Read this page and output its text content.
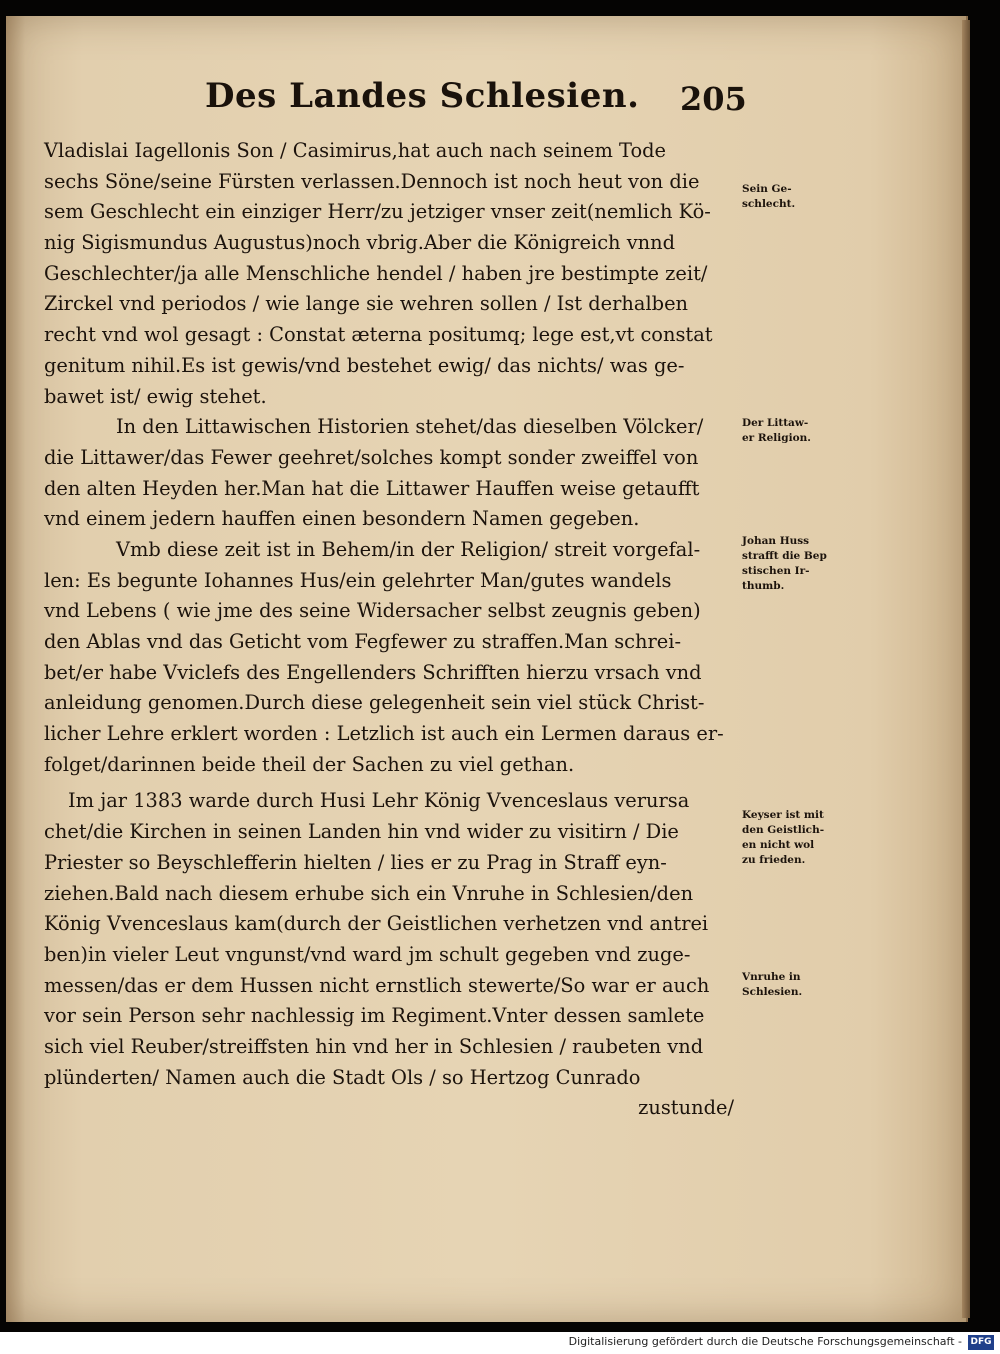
Des Landes Schlesien. 205
Vladislai Iagellonis Son / Casimirus,hat auch nach seinem Tode
sechs Söne/seine Fürsten verlassen.Dennoch ist noch heut von die
sem Geschlecht ein einziger Herr/zu jetziger vnser zeit(nemlich Kö-
nig Sigismundus Augustus)noch vbrig.Aber die Königreich vnnd
Geschlechter/ja alle Menschliche hendel / haben jre bestimpte zeit/
Zirckel vnd periodos / wie lange sie wehren sollen / Ist derhalben
recht vnd wol gesagt : Constat æterna positumq; lege est,vt constat
genitum nihil.Es ist gewis/vnd bestehet ewig/ das nichts/ was ge-
bawet ist/ ewig stehet.
In den Littawischen Historien stehet/das dieselben Völcker/
die Littawer/das Fewer geehret/solches kompt sonder zweiffel von
den alten Heyden her.Man hat die Littawer Hauffen weise getaufft
vnd einem jedern hauffen einen besondern Namen gegeben.
Vmb diese zeit ist in Behem/in der Religion/ streit vorgefal-
len: Es begunte Iohannes Hus/ein gelehrter Man/gutes wandels
vnd Lebens ( wie jme des seine Widersacher selbst zeugnis geben)
den Ablas vnd das Geticht vom Fegfewer zu straffen.Man schrei-
bet/er habe Vviclefs des Engellenders Schrifften hierzu vrsach vnd
anleidung genomen.Durch diese gelegenheit sein viel stück Christ-
licher Lehre erklert worden : Letzlich ist auch ein Lermen daraus er-
folget/darinnen beide theil der Sachen zu viel gethan.
Im jar 1383 warde durch Husi Lehr König Vvenceslaus verursa
chet/die Kirchen in seinen Landen hin vnd wider zu visitirn / Die
Priester so Beyschlefferin hielten / lies er zu Prag in Straff eyn-
ziehen.Bald nach diesem erhube sich ein Vnruhe in Schlesien/den
König Vvenceslaus kam(durch der Geistlichen verhetzen vnd antrei
ben)in vieler Leut vngunst/vnd ward jm schult gegeben vnd zuge-
messen/das er dem Hussen nicht ernstlich stewerte/So war er auch
vor sein Person sehr nachlessig im Regiment.Vnter dessen samlete
sich viel Reuber/streiffsten hin vnd her in Schlesien / raubeten vnd
plünderten/ Namen auch die Stadt Ols / so Hertzog Cunrado
zustunde/
Sein Ge-
schlecht.
Der Littaw-
er Religion.
Johan Huss
strafft die Bep
stischen Ir-
thumb.
Keyser ist mit
den Geistlich-
en nicht wol
zu frieden.
Vnruhe in
Schlesien.
Digitalisierung gefördert durch die Deutsche Forschungsgemeinschaft - DFG
